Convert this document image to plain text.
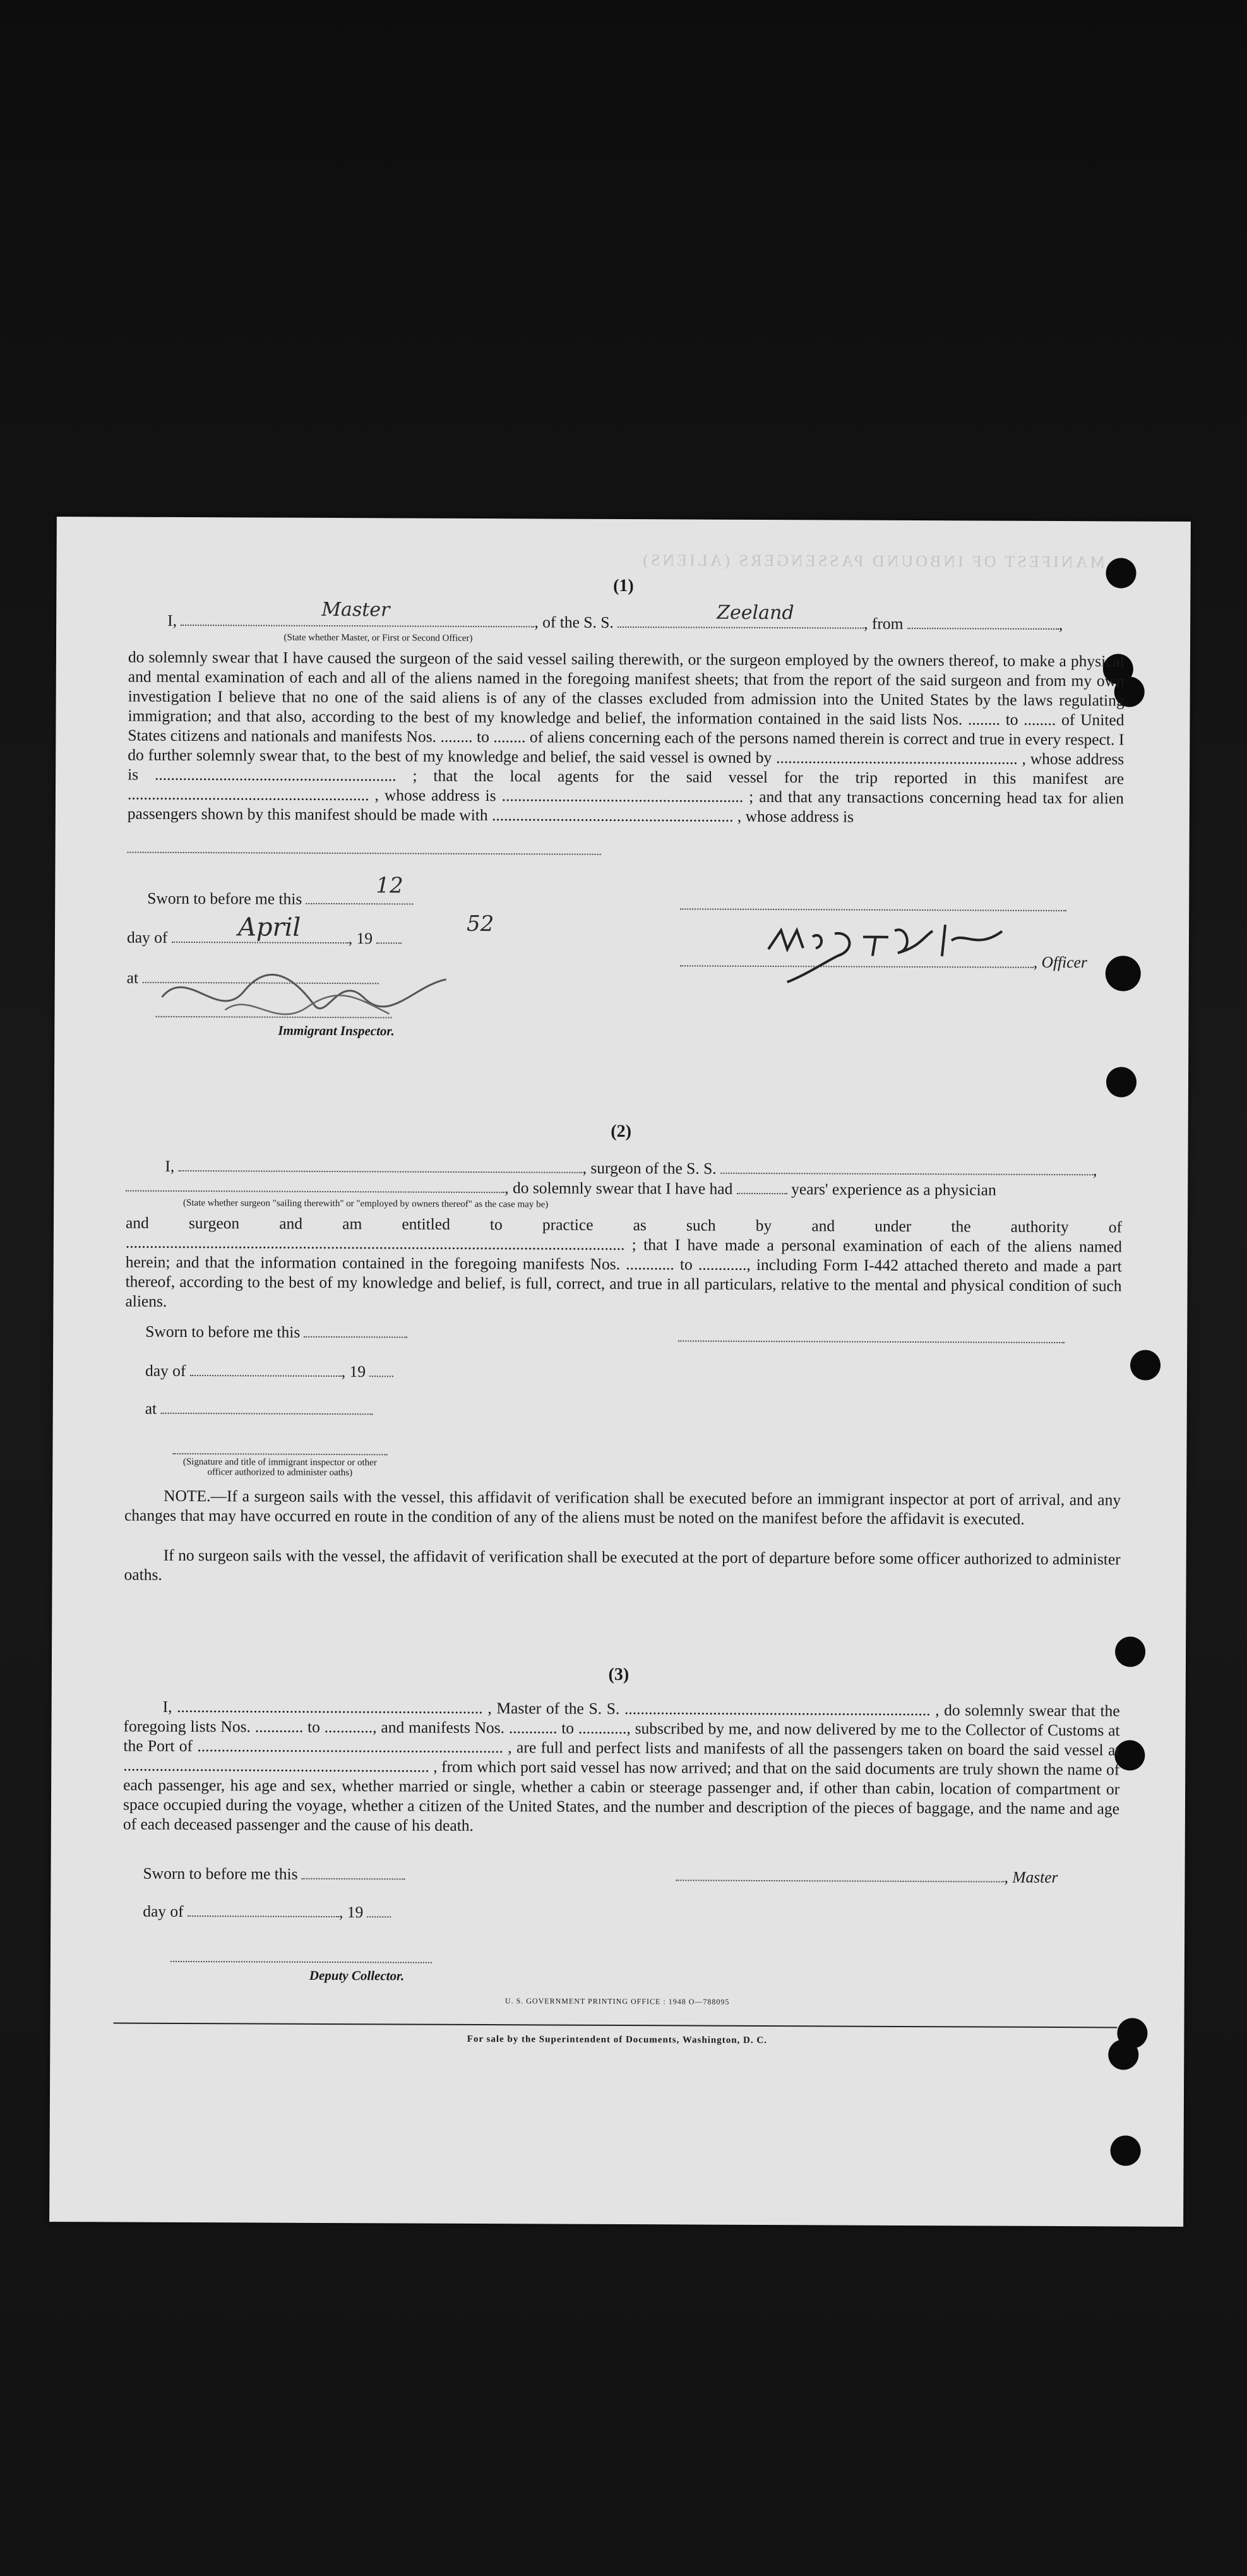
MANIFEST OF INBOUND PASSENGERS (ALIENS)
(1)
I,	, of the S. S.	, from	,
Master	Zeeland
(State whether Master, or First or Second Officer)
do solemnly swear that I have caused the surgeon of the said vessel sailing therewith, or the surgeon employed by the owners thereof, to make a physical and mental examination of each and all of the aliens named in the foregoing manifest sheets; that from the report of the said surgeon and from my own investigation I believe that no one of the said aliens is of any of the classes excluded from admission into the United States by the laws regulating immigration; and that also, according to the best of my knowledge and belief, the information contained in the said lists Nos. ........ to ........ of United States citizens and nationals and manifests Nos. ........ to ........ of aliens concerning each of the persons named therein is correct and true in every respect. I do further solemnly swear that, to the best of my knowledge and belief, the said vessel is owned by ............................................................ , whose address is ............................................................ ; that the local agents for the said vessel for the trip reported in this manifest are ............................................................ , whose address is ............................................................ ; and that any transactions concerning head tax for alien passengers shown by this manifest should be made with ............................................................ , whose address is
Sworn to before me this
12
day of	, 19
April	52
at
Immigrant Inspector.
, Officer
(2)
I,	, surgeon of the S. S.	,
, do solemnly swear that I have had	years' experience as a physician
(State whether surgeon "sailing therewith" or "employed by owners thereof" as the case may be)
and surgeon and am entitled to practice as such by and under the authority of ............................................................................................................................ ; that I have made a personal examination of each of the aliens named herein; and that the information contained in the foregoing manifests Nos. ............ to ............, including Form I-442 attached thereto and made a part thereof, according to the best of my knowledge and belief, is full, correct, and true in all particulars, relative to the mental and physical condition of such aliens.
Sworn to before me this
day of	, 19
at
(Signature and title of immigrant inspector or other officer authorized to administer oaths)
NOTE.—If a surgeon sails with the vessel, this affidavit of verification shall be executed before an immigrant inspector at port of arrival, and any changes that may have occurred en route in the condition of any of the aliens must be noted on the manifest before the affidavit is executed.
If no surgeon sails with the vessel, the affidavit of verification shall be executed at the port of departure before some officer authorized to administer oaths.
(3)
I, ............................................................................ , Master of the S. S. ............................................................................ , do solemnly swear that the foregoing lists Nos. ............ to ............, and manifests Nos. ............ to ............, subscribed by me, and now delivered by me to the Collector of Customs at the Port of ............................................................................ , are full and perfect lists and manifests of all the passengers taken on board the said vessel at ............................................................................ , from which port said vessel has now arrived; and that on the said documents are truly shown the name of each passenger, his age and sex, whether married or single, whether a cabin or steerage passenger and, if other than cabin, location of compartment or space occupied during the voyage, whether a citizen of the United States, and the number and description of the pieces of baggage, and the name and age of each deceased passenger and the cause of his death.
Sworn to before me this	, Master
day of	, 19
Deputy Collector.
U. S. GOVERNMENT PRINTING OFFICE : 1948 O—788095
For sale by the Superintendent of Documents, Washington, D. C.
